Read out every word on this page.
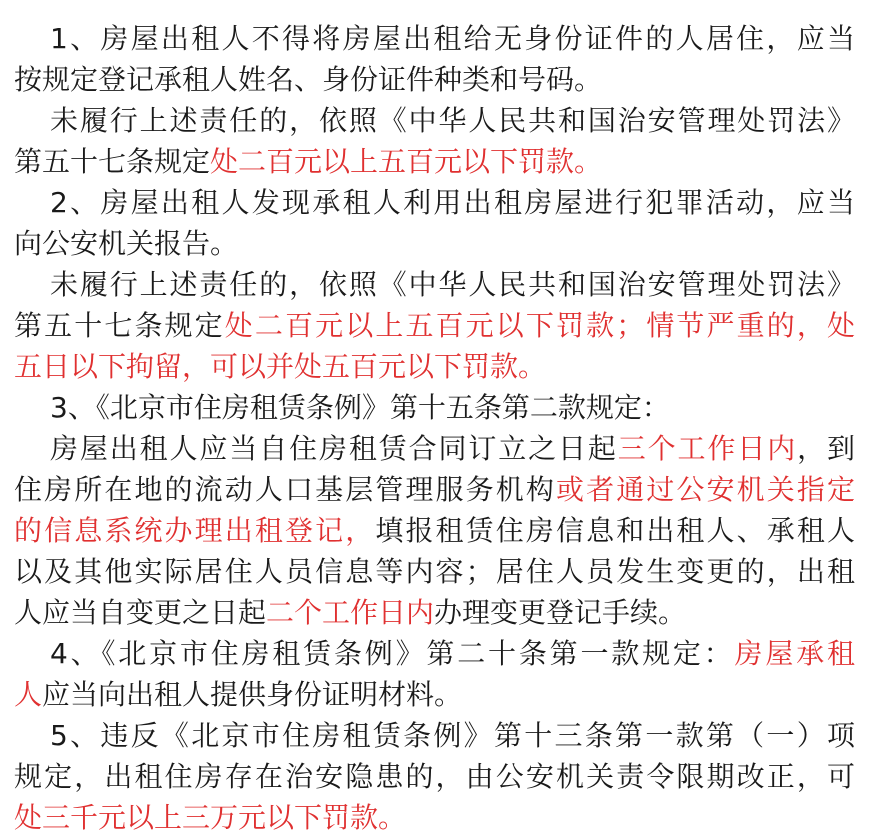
1、房屋出租人不得将房屋出租给无身份证件的人居住，应当
按规定登记承租人姓名、身份证件种类和号码。
未履行上述责任的，依照《中华人民共和国治安管理处罚法》
第五十七条规定处二百元以上五百元以下罚款。
2、房屋出租人发现承租人利用出租房屋进行犯罪活动，应当
向公安机关报告。
未履行上述责任的，依照《中华人民共和国治安管理处罚法》
第五十七条规定处二百元以上五百元以下罚款；情节严重的，处
五日以下拘留，可以并处五百元以下罚款。
3、《北京市住房租赁条例》第十五条第二款规定：
房屋出租人应当自住房租赁合同订立之日起三个工作日内，到
住房所在地的流动人口基层管理服务机构或者通过公安机关指定
的信息系统办理出租登记，填报租赁住房信息和出租人、承租人
以及其他实际居住人员信息等内容；居住人员发生变更的，出租
人应当自变更之日起二个工作日内办理变更登记手续。
4、《北京市住房租赁条例》第二十条第一款规定：房屋承租
人应当向出租人提供身份证明材料。
5、违反《北京市住房租赁条例》第十三条第一款第（一）项
规定，出租住房存在治安隐患的，由公安机关责令限期改正，可
处三千元以上三万元以下罚款。
